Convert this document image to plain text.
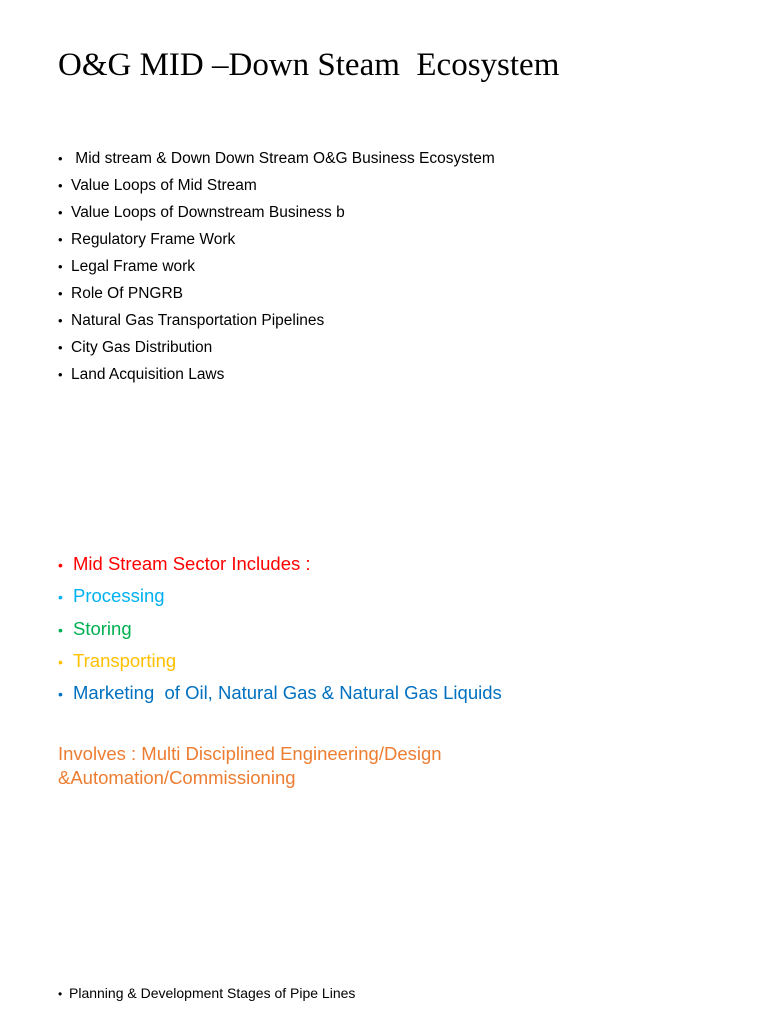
O&G MID –Down Steam  Ecosystem
• Mid stream & Down Down Stream O&G Business Ecosystem
• Value Loops of Mid Stream
• Value Loops of Downstream Business b
• Regulatory Frame Work
• Legal Frame work
• Role Of PNGRB
• Natural Gas Transportation Pipelines
• City Gas Distribution
• Land Acquisition Laws
• Mid Stream Sector Includes :
• Processing
• Storing
• Transporting
• Marketing  of Oil, Natural Gas & Natural Gas Liquids
Involves : Multi Disciplined Engineering/Design
&Automation/Commissioning
• Planning & Development Stages of Pipe Lines
